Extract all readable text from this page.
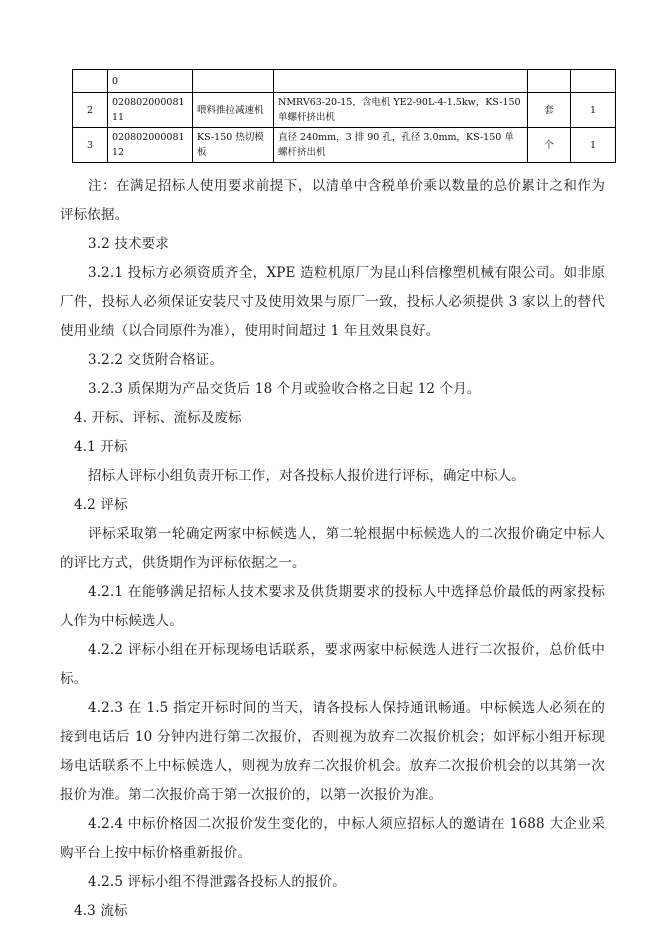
	0				
2	02080200008111	喂料推拉减速机	NMRV63-20-15，含电机 YE2-90L-4-1.5kw，KS-150 单螺杆挤出机	套	1
3	02080200008112	KS-150 热切模板	直径 240mm，3 排 90 孔，孔径 3.0mm，KS-150 单螺杆挤出机	个	1

注：在满足招标人使用要求前提下，以清单中含税单价乘以数量的总价累计之和作为评标依据。

3.2 技术要求

3.2.1 投标方必须资质齐全，XPE 造粒机原厂为昆山科信橡塑机械有限公司。如非原厂件，投标人必须保证安装尺寸及使用效果与原厂一致，投标人必须提供 3 家以上的替代使用业绩（以合同原件为准），使用时间超过 1 年且效果良好。

3.2.2 交货附合格证。

3.2.3 质保期为产品交货后 18 个月或验收合格之日起 12 个月。

4. 开标、评标、流标及废标

4.1 开标

招标人评标小组负责开标工作，对各投标人报价进行评标，确定中标人。

4.2 评标

评标采取第一轮确定两家中标候选人，第二轮根据中标候选人的二次报价确定中标人的评比方式，供货期作为评标依据之一。

4.2.1 在能够满足招标人技术要求及供货期要求的投标人中选择总价最低的两家投标人作为中标候选人。

4.2.2 评标小组在开标现场电话联系，要求两家中标候选人进行二次报价，总价低中标。

4.2.3 在 1.5 指定开标时间的当天，请各投标人保持通讯畅通。中标候选人必须在的接到电话后 10 分钟内进行第二次报价，否则视为放弃二次报价机会；如评标小组开标现场电话联系不上中标候选人，则视为放弃二次报价机会。放弃二次报价机会的以其第一次报价为准。第二次报价高于第一次报价的，以第一次报价为准。

4.2.4 中标价格因二次报价发生变化的，中标人须应招标人的邀请在 1688 大企业采购平台上按中标价格重新报价。

4.2.5 评标小组不得泄露各投标人的报价。

4.3 流标
